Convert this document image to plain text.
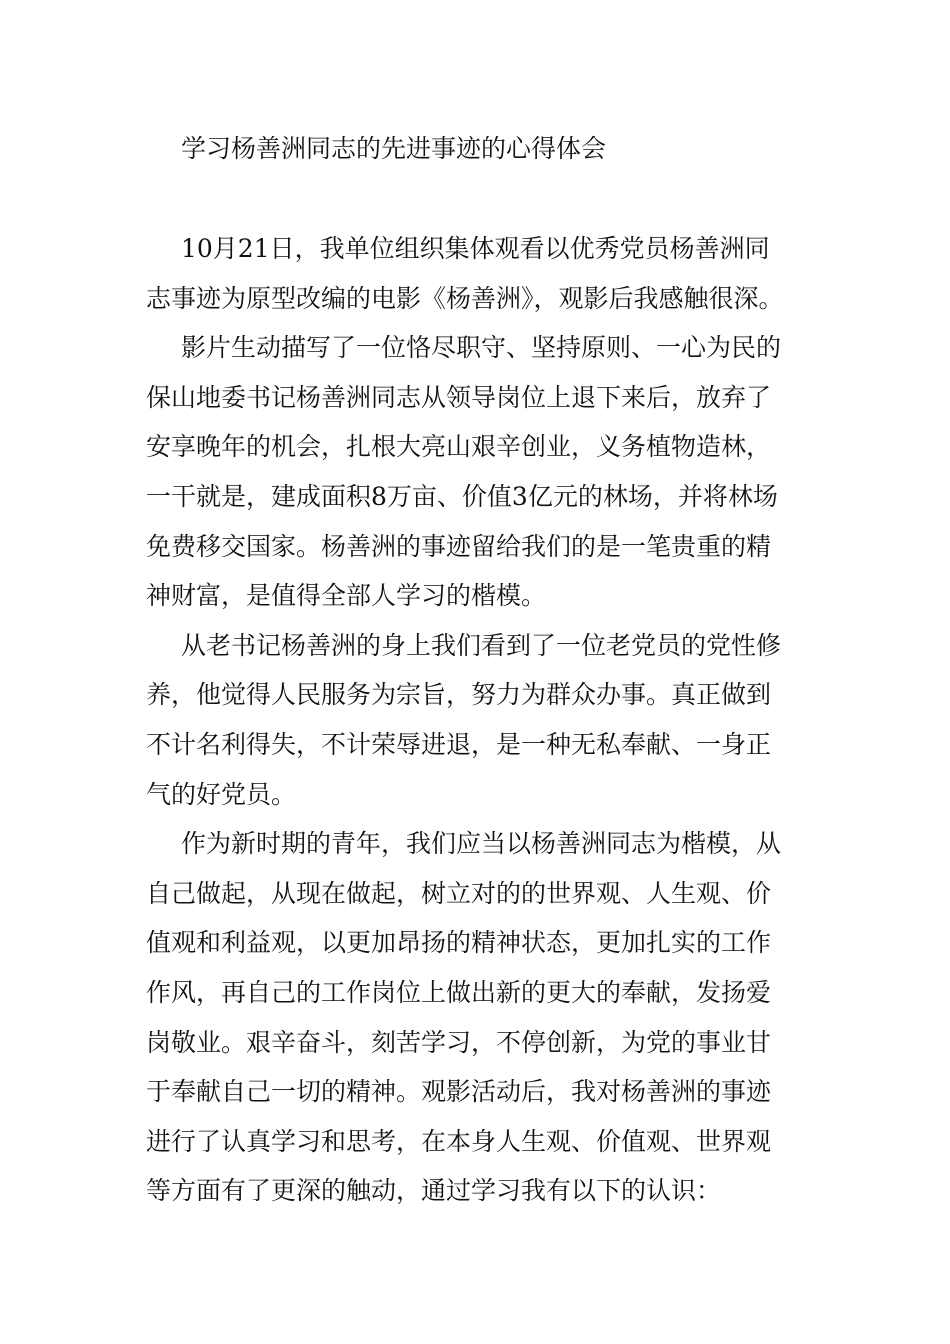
学习杨善洲同志的先进事迹的心得体会

10月21日，我单位组织集体观看以优秀党员杨善洲同
志事迹为原型改编的电影《杨善洲》，观影后我感触很深。

影片生动描写了一位恪尽职守、坚持原则、一心为民的
保山地委书记杨善洲同志从领导岗位上退下来后，放弃了
安享晚年的机会，扎根大亮山艰辛创业，义务植物造林，
一干就是，建成面积8万亩、价值3亿元的林场，并将林场
免费移交国家。杨善洲的事迹留给我们的是一笔贵重的精
神财富，是值得全部人学习的楷模。

从老书记杨善洲的身上我们看到了一位老党员的党性修
养，他觉得人民服务为宗旨，努力为群众办事。真正做到
不计名利得失，不计荣辱进退，是一种无私奉献、一身正
气的好党员。

作为新时期的青年，我们应当以杨善洲同志为楷模，从
自己做起，从现在做起，树立对的的世界观、人生观、价
值观和利益观，以更加昂扬的精神状态，更加扎实的工作
作风，再自己的工作岗位上做出新的更大的奉献，发扬爱
岗敬业。艰辛奋斗，刻苦学习，不停创新，为党的事业甘
于奉献自己一切的精神。观影活动后，我对杨善洲的事迹
进行了认真学习和思考，在本身人生观、价值观、世界观
等方面有了更深的触动，通过学习我有以下的认识：
